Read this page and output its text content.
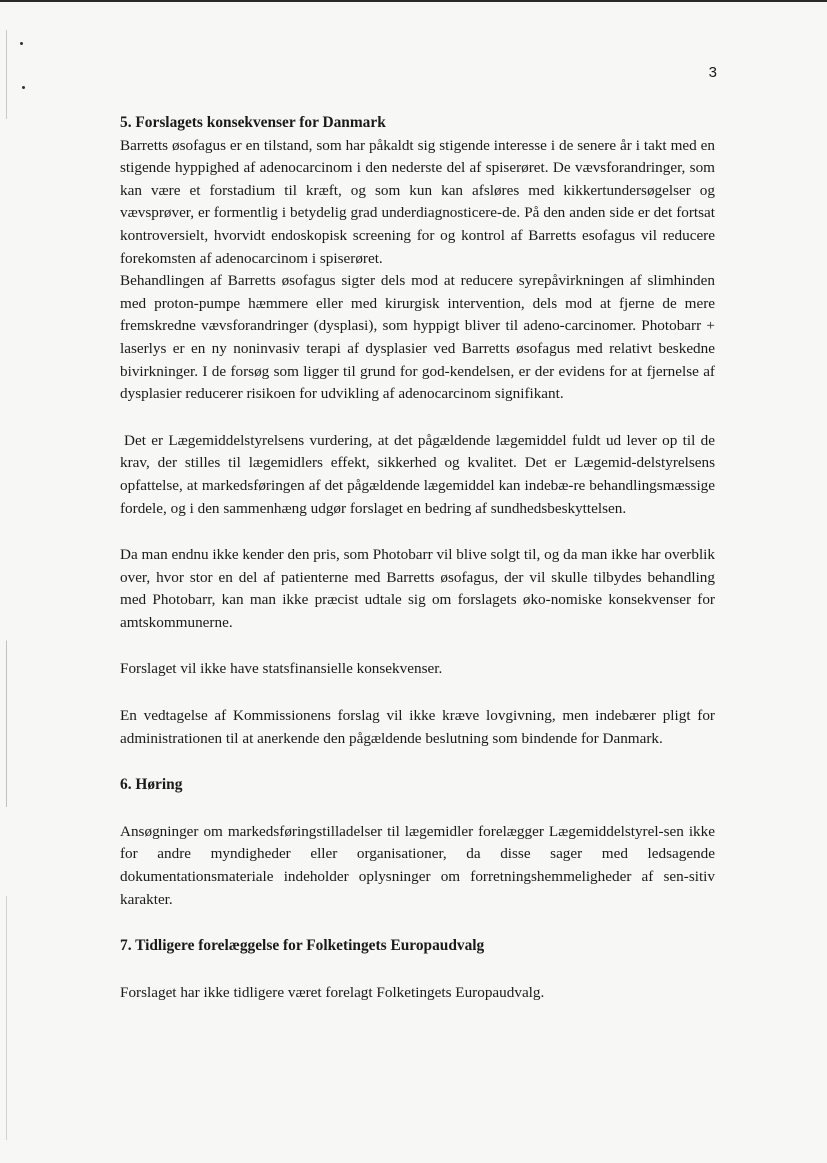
3
5. Forslagets konsekvenser for Danmark

Barretts øsofagus er en tilstand, som har påkaldt sig stigende interesse i de senere år i takt med en stigende hyppighed af adenocarcinom i den nederste del af spiserøret. De vævsforandringer, som kan være et forstadium til kræft, og som kun kan afsløres med kikkertundersøgelser og vævsprøver, er formentlig i betydelig grad underdiagnosticere-de. På den anden side er det fortsat kontroversielt, hvorvidt endoskopisk screening for og kontrol af Barretts esofagus vil reducere forekomsten af adenocarcinom i spiserøret.

Behandlingen af Barretts øsofagus sigter dels mod at reducere syrepåvirkningen af slimhinden med proton-pumpe hæmmere eller med kirurgisk intervention, dels mod at fjerne de mere fremskredne vævsforandringer (dysplasi), som hyppigt bliver til adeno-carcinomer. Photobarr + laserlys er en ny noninvasiv terapi af dysplasier ved Barretts øsofagus med relativt beskedne bivirkninger. I de forsøg som ligger til grund for god-kendelsen, er der evidens for at fjernelse af dysplasier reducerer risikoen for udvikling af adenocarcinom signifikant.

Det er Lægemiddelstyrelsens vurdering, at det pågældende lægemiddel fuldt ud lever op til de krav, der stilles til lægemidlers effekt, sikkerhed og kvalitet. Det er Lægemid-delstyrelsens opfattelse, at markedsføringen af det pågældende lægemiddel kan indebæ-re behandlingsmæssige fordele, og i den sammenhæng udgør forslaget en bedring af sundhedsbeskyttelsen.

Da man endnu ikke kender den pris, som Photobarr vil blive solgt til, og da man ikke har overblik over, hvor stor en del af patienterne med Barretts øsofagus, der vil skulle tilbydes behandling med Photobarr, kan man ikke præcist udtale sig om forslagets øko-nomiske konsekvenser for amtskommunerne.

Forslaget vil ikke have statsfinansielle konsekvenser.

En vedtagelse af Kommissionens forslag vil ikke kræve lovgivning, men indebærer pligt for administrationen til at anerkende den pågældende beslutning som bindende for Danmark.

6. Høring

Ansøgninger om markedsføringstilladelser til lægemidler forelægger Lægemiddelstyrel-sen ikke for andre myndigheder eller organisationer, da disse sager med ledsagende dokumentationsmateriale indeholder oplysninger om forretningshemmeligheder af sen-sitiv karakter.

7. Tidligere forelæggelse for Folketingets Europaudvalg

Forslaget har ikke tidligere været forelagt Folketingets Europaudvalg.
